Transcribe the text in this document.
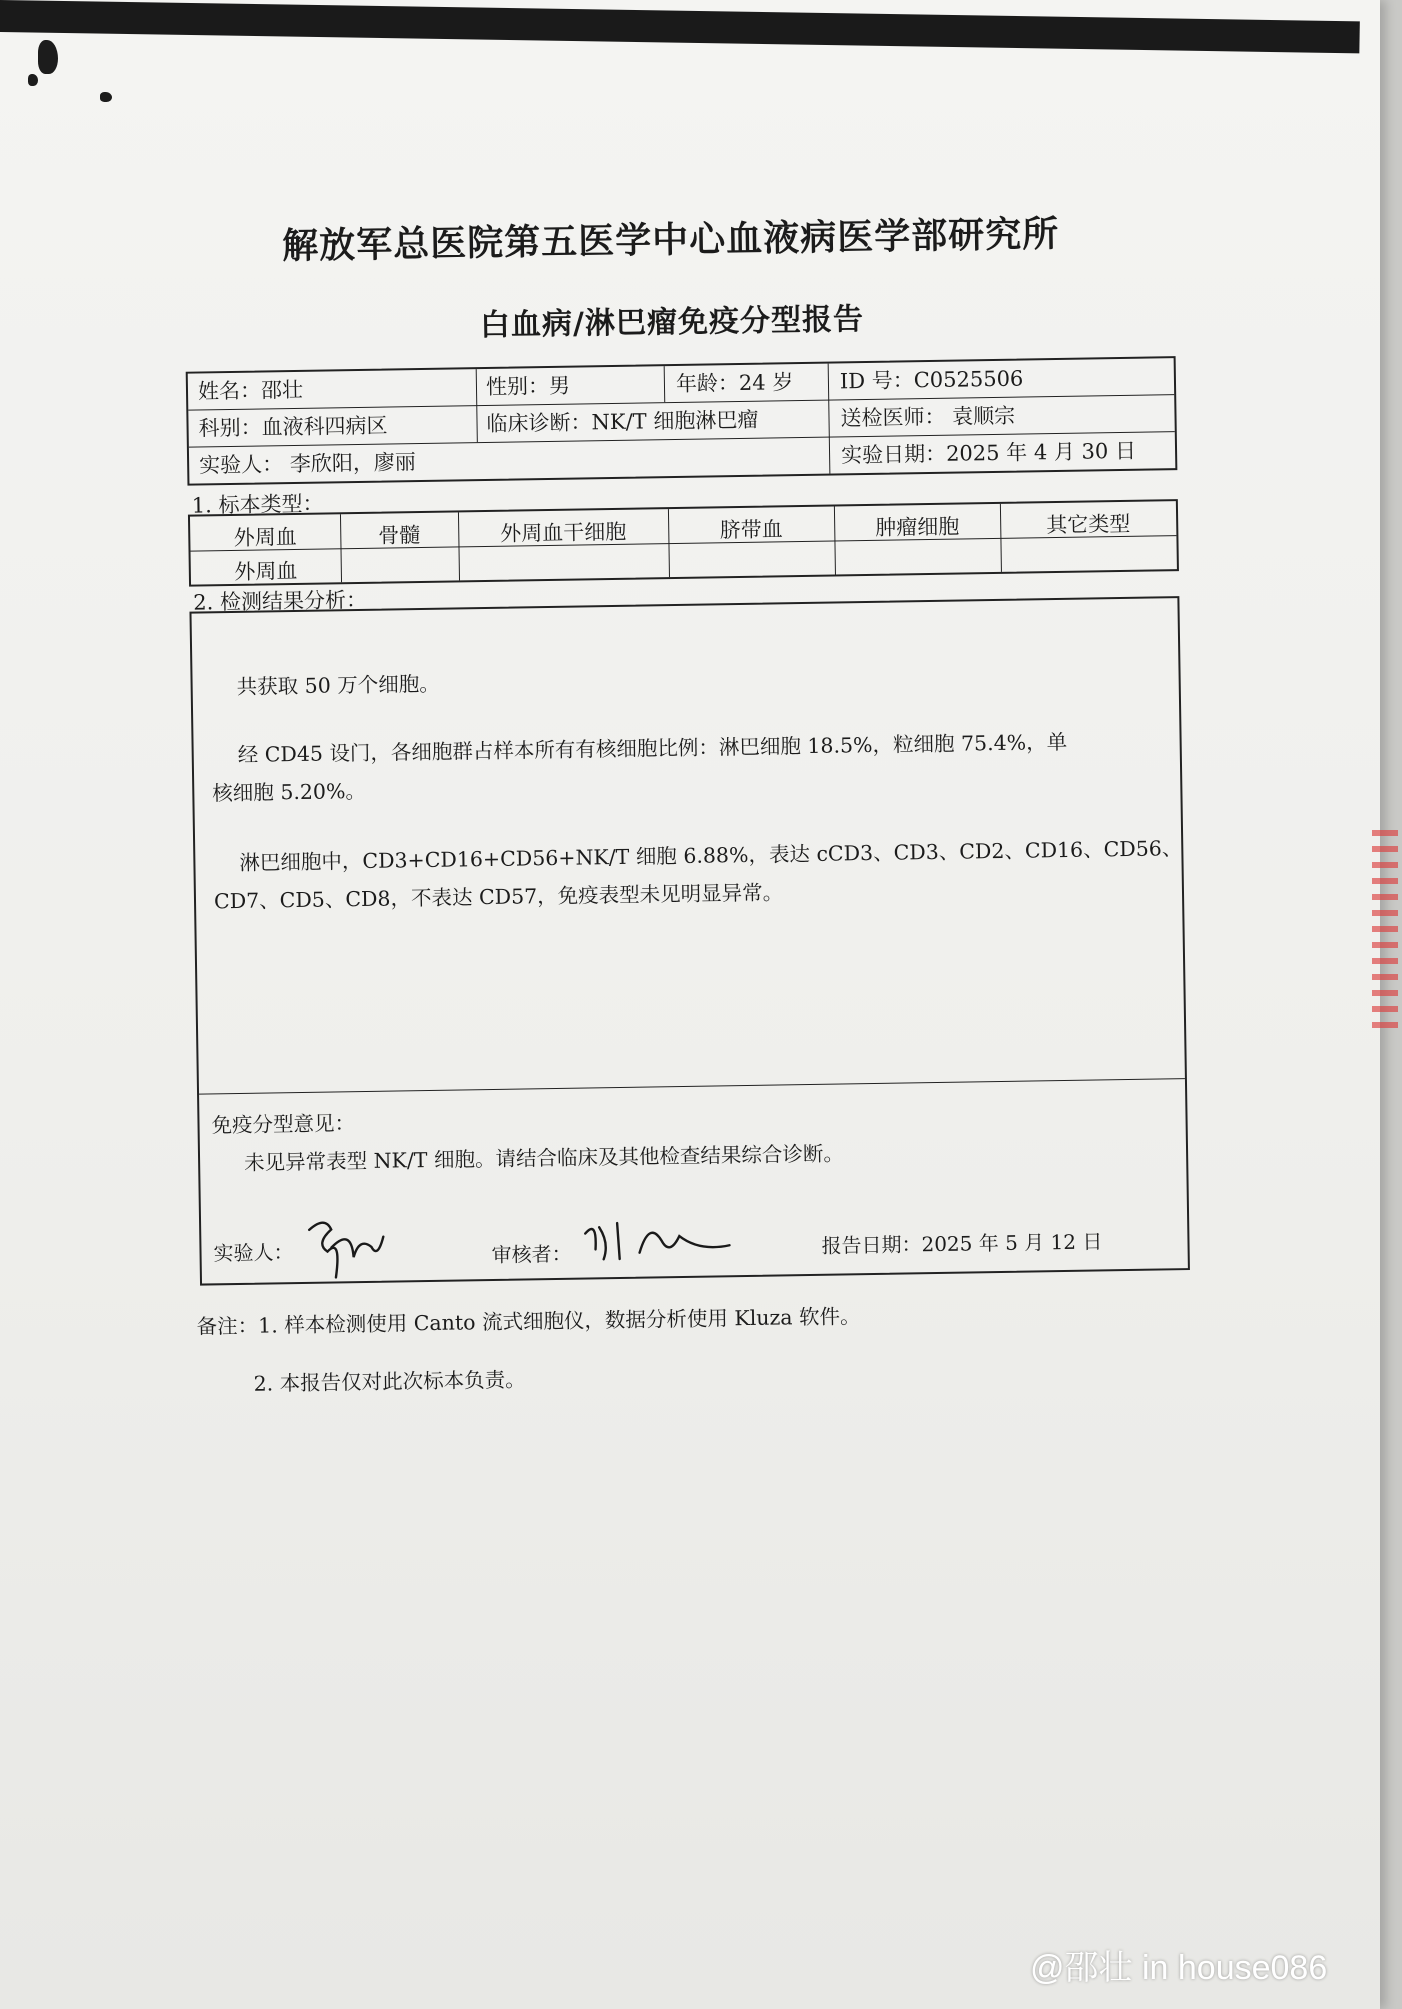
解放军总医院第五医学中心血液病医学部研究所
白血病/淋巴瘤免疫分型报告
姓名：邵壮	性别：男	年龄：24 岁 ID 号：C0525506
科别：血液科四病区	临床诊断：NK/T 细胞淋巴瘤	送检医师： 袁顺宗
实验人： 李欣阳，廖丽	实验日期：2025 年 4 月 30 日
1. 标本类型：
外周血	骨髓	外周血干细胞	脐带血	肿瘤细胞	其它类型
外周血
2. 检测结果分析：
共获取 50 万个细胞。
经 CD45 设门，各细胞群占样本所有有核细胞比例：淋巴细胞 18.5%，粒细胞 75.4%，单
核细胞 5.20%。
淋巴细胞中，CD3+CD16+CD56+NK/T 细胞 6.88%，表达 cCD3、CD3、CD2、CD16、CD56、
CD7、CD5、CD8，不表达 CD57，免疫表型未见明显异常。
免疫分型意见：
未见异常表型 NK/T 细胞。请结合临床及其他检查结果综合诊断。
实验人：	审核者：	报告日期：2025 年 5 月 12 日
备注：1. 样本检测使用 Canto 流式细胞仪，数据分析使用 Kluza 软件。
2. 本报告仅对此次标本负责。
@邵壮 in house086
